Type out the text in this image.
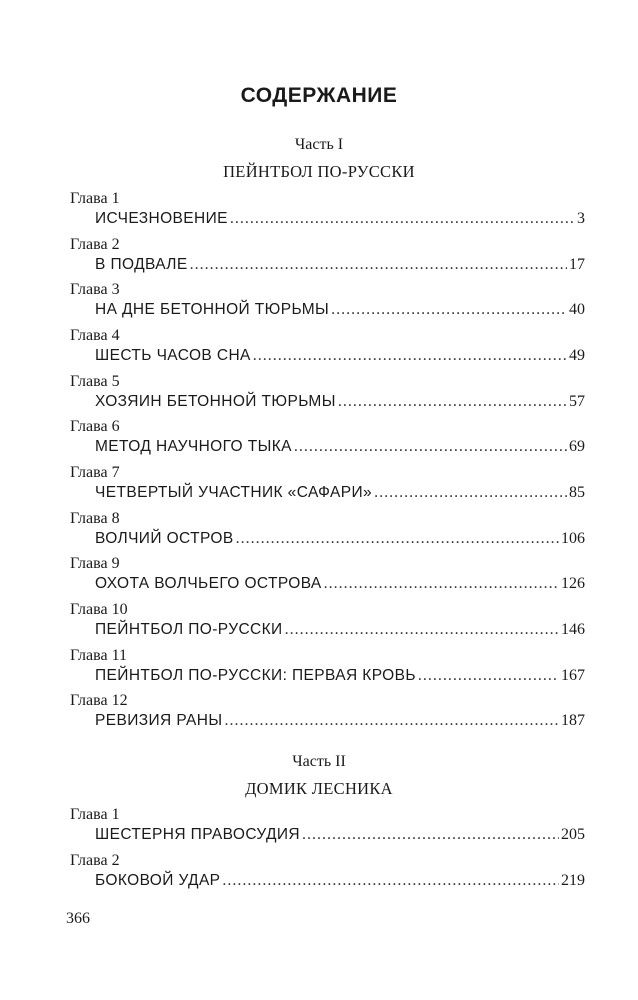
СОДЕРЖАНИЕ
Часть I
ПЕЙНТБОЛ ПО-РУССКИ
Глава 1
ИСЧЕЗНОВЕНИЕ .....	3
Глава 2
В ПОДВАЛЕ .....	17
Глава 3
НА ДНЕ БЕТОННОЙ ТЮРЬМЫ .....	40
Глава 4
ШЕСТЬ ЧАСОВ СНА .....	49
Глава 5
ХОЗЯИН БЕТОННОЙ ТЮРЬМЫ .....	57
Глава 6
МЕТОД НАУЧНОГО ТЫКА .....	69
Глава 7
ЧЕТВЕРТЫЙ УЧАСТНИК «САФАРИ» .....	85
Глава 8
ВОЛЧИЙ ОСТРОВ .....	106
Глава 9
ОХОТА ВОЛЧЬЕГО ОСТРОВА .....	126
Глава 10
ПЕЙНТБОЛ ПО-РУССКИ .....	146
Глава 11
ПЕЙНТБОЛ ПО-РУССКИ: ПЕРВАЯ КРОВЬ .....	167
Глава 12
РЕВИЗИЯ РАНЫ .....	187
Часть II
ДОМИК ЛЕСНИКА
Глава 1
ШЕСТЕРНЯ ПРАВОСУДИЯ .....	205
Глава 2
БОКОВОЙ УДАР .....	219
366
